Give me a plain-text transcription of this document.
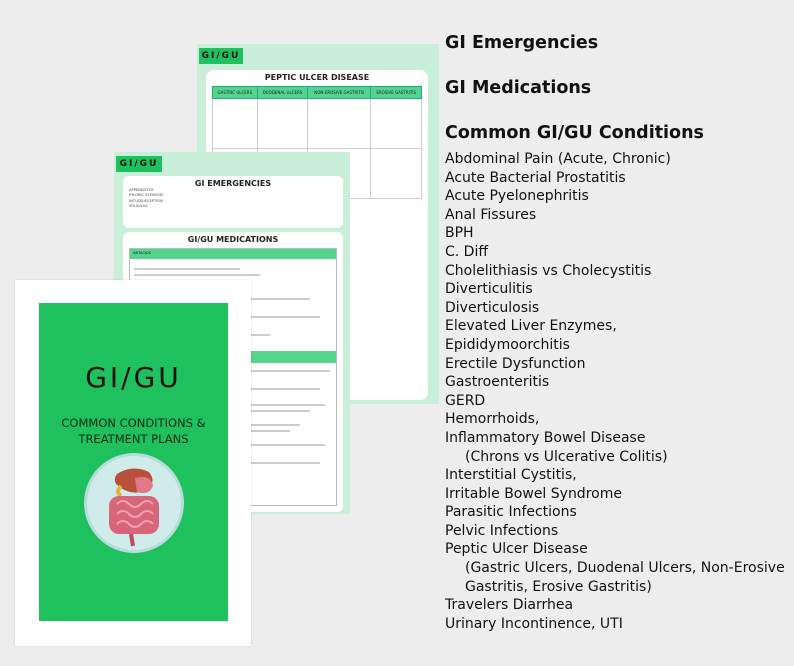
GI/GU
PEPTIC ULCER DISEASE
GASTRIC ULCERS	DUODENAL ULCERS	NON-EROSIVE GASTRITIS	EROSIVE GASTRITIS

GI/GU
GI EMERGENCIES
APPENDICITIS
PYLORIC STENOSIS
INTUSSUSCEPTION
VOLVULUS
GI/GU MEDICATIONS
ANTACIDS
GI/GU
COMMON CONDITIONS &
TREATMENT PLANS
GI Emergencies
GI Medications
Common GI/GU Conditions
Abdominal Pain (Acute, Chronic)
Acute Bacterial Prostatitis
Acute Pyelonephritis
Anal Fissures
BPH
C. Diff
Cholelithiasis vs Cholecystitis
Diverticulitis
Diverticulosis
Elevated Liver Enzymes,
Epididymoorchitis
Erectile Dysfunction
Gastroenteritis
GERD
Hemorrhoids,
Inflammatory Bowel Disease
(Chrons vs Ulcerative Colitis)
Interstitial Cystitis,
Irritable Bowel Syndrome
Parasitic Infections
Pelvic Infections
Peptic Ulcer Disease
(Gastric Ulcers, Duodenal Ulcers, Non-Erosive
Gastritis, Erosive Gastritis)
Travelers Diarrhea
Urinary Incontinence, UTI
